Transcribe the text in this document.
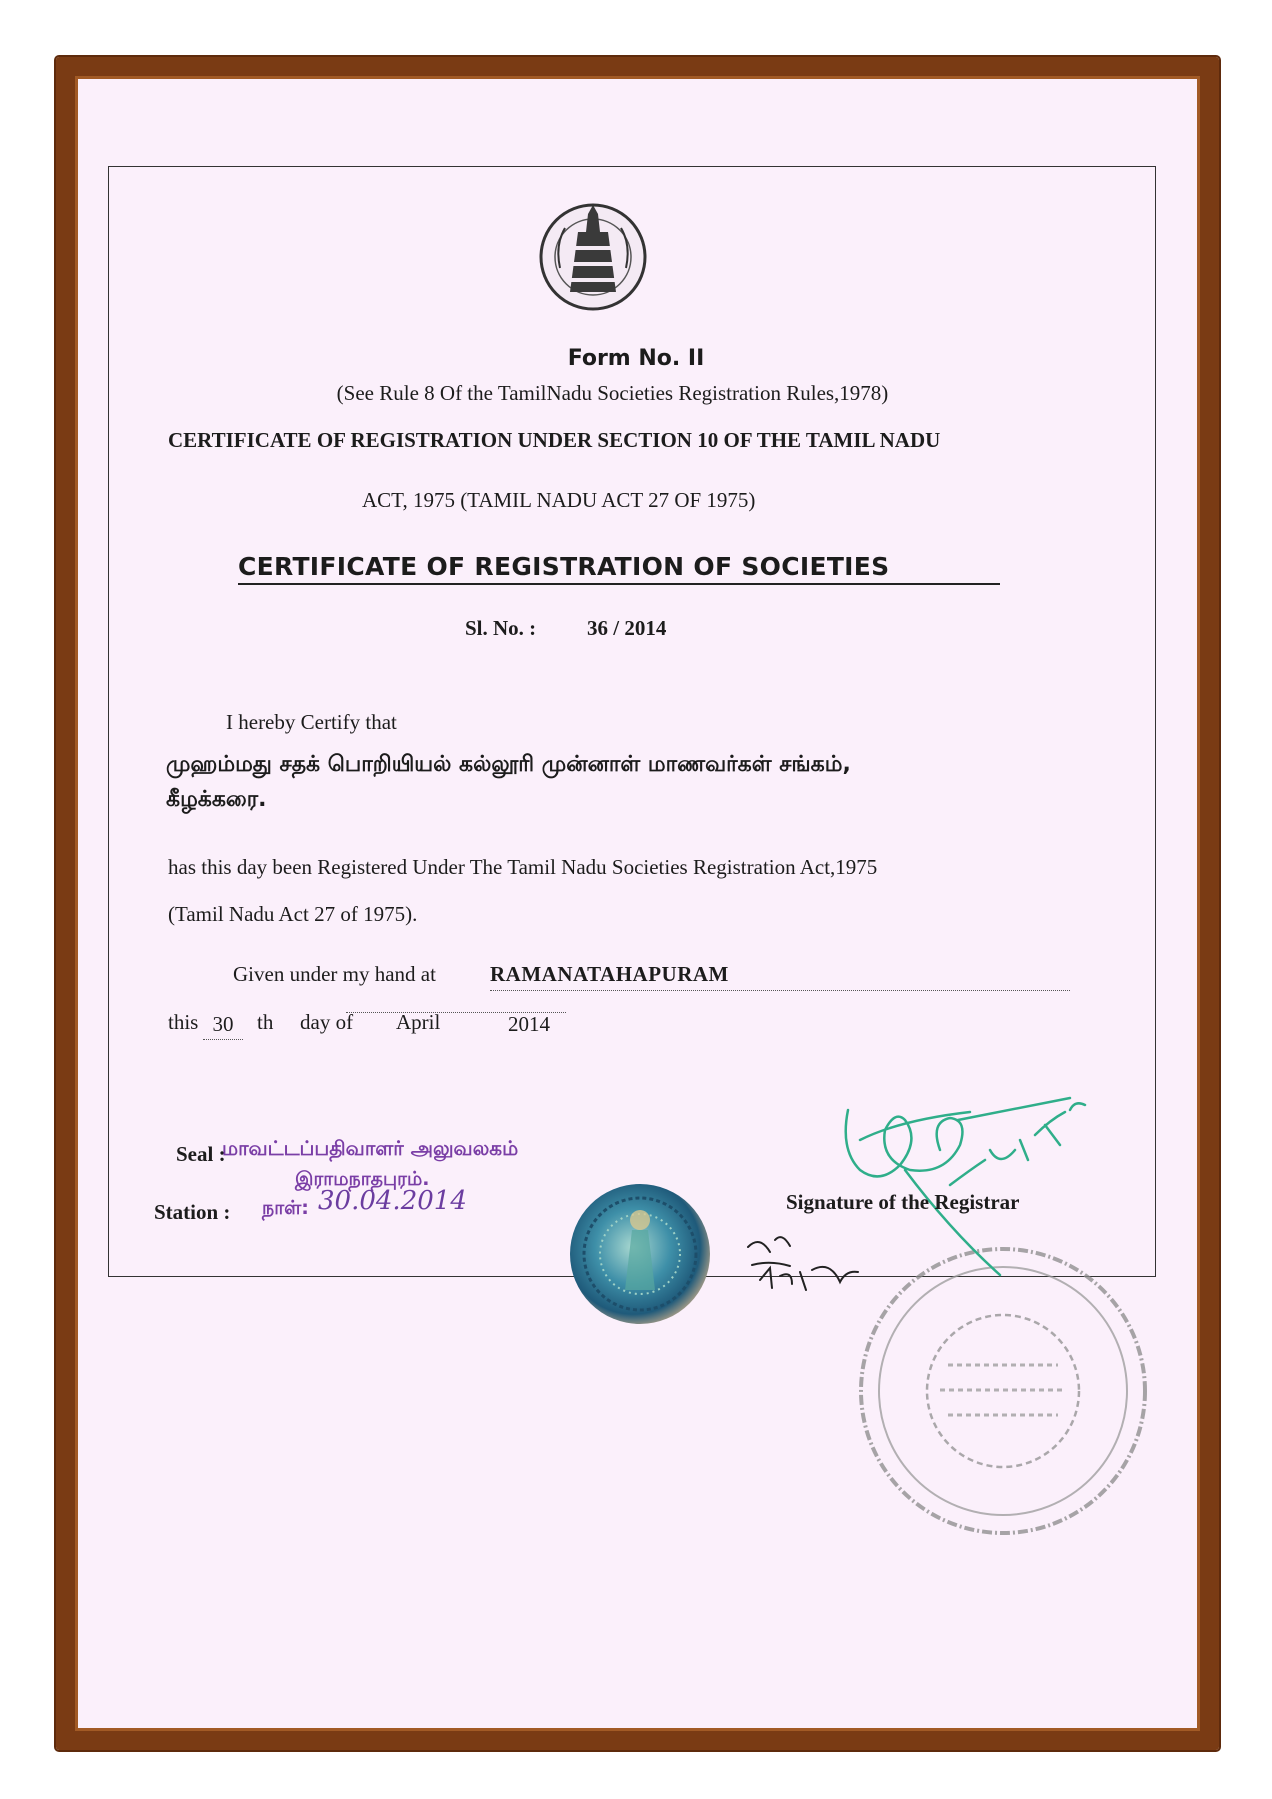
Form No. II
(See Rule 8 Of the TamilNadu Societies Registration Rules,1978)
CERTIFICATE OF REGISTRATION UNDER SECTION 10 OF THE TAMIL NADU
ACT, 1975 (TAMIL NADU ACT 27 OF 1975)
CERTIFICATE OF REGISTRATION OF SOCIETIES
Sl. No. : 36 / 2014
I hereby Certify that
முஹம்மது சதக் பொறியியல் கல்லூரி முன்னாள் மாணவர்கள் சங்கம்,
கீழக்கரை.
has this day been Registered Under The Tamil Nadu Societies Registration Act,1975
(Tamil Nadu Act 27 of 1975).
Given under my hand at	RAMANATAHAPURAM
this 30	th day of April	2014
Seal :
Station :	Signature of the Registrar
மாவட்டப்பதிவாளர் அலுவலகம்
இராமநாதபுரம்.
நாள்: 30.04.2014
